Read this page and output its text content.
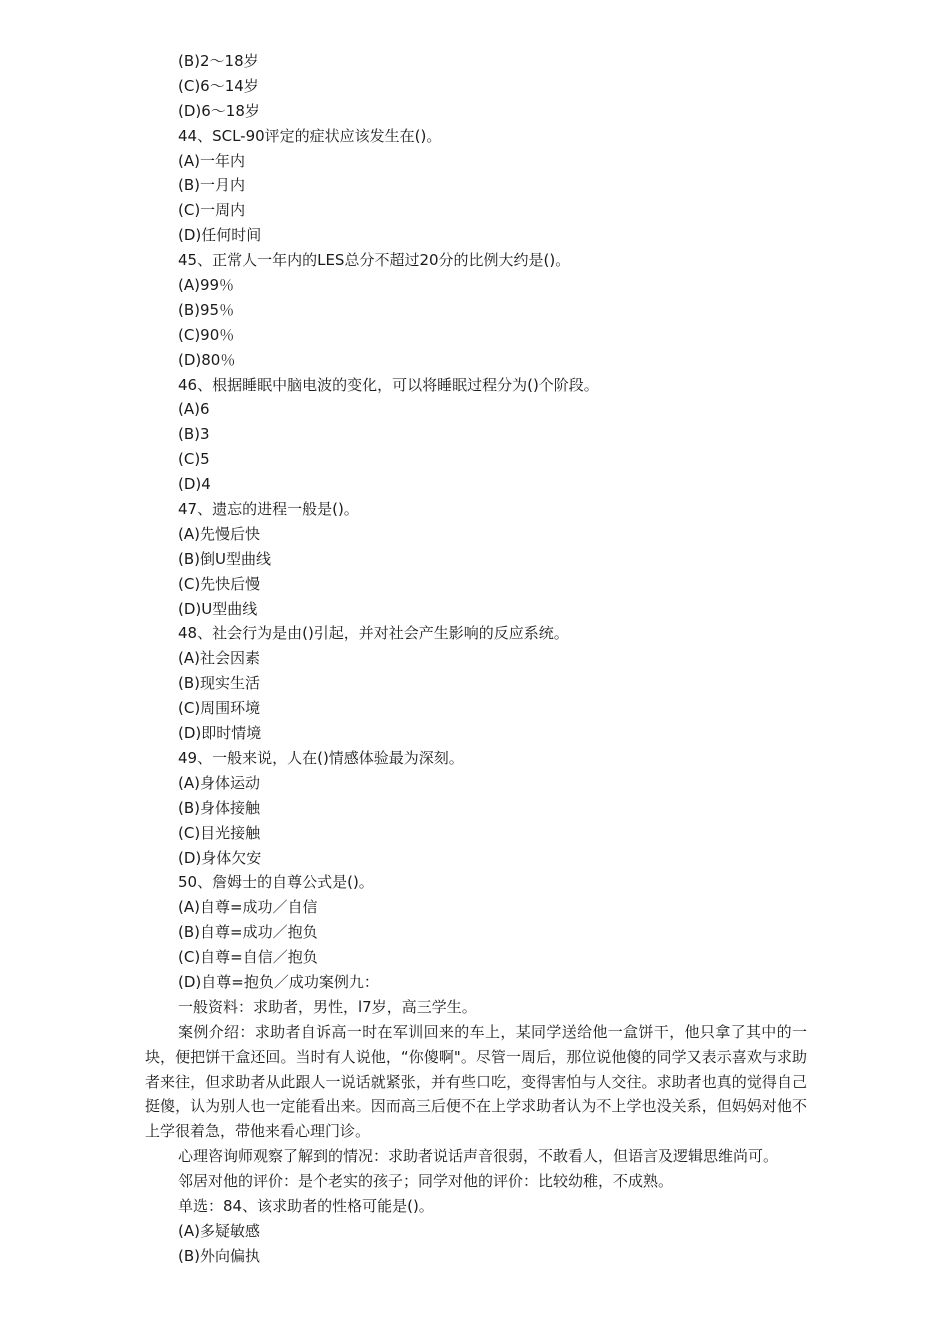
(B)2～18岁
(C)6～14岁
(D)6～18岁
44、SCL-90评定的症状应该发生在()。
(A)一年内
(B)一月内
(C)一周内
(D)任何时间
45、正常人一年内的LES总分不超过20分的比例大约是()。
(A)99％
(B)95％
(C)90％
(D)80％
46、根据睡眠中脑电波的变化，可以将睡眠过程分为()个阶段。
(A)6
(B)3
(C)5
(D)4
47、遗忘的进程一般是()。
(A)先慢后快
(B)倒U型曲线
(C)先快后慢
(D)U型曲线
48、社会行为是由()引起，并对社会产生影响的反应系统。
(A)社会因素
(B)现实生活
(C)周围环境
(D)即时情境
49、一般来说，人在()情感体验最为深刻。
(A)身体运动
(B)身体接触
(C)目光接触
(D)身体欠安
50、詹姆士的自尊公式是()。
(A)自尊=成功／自信
(B)自尊=成功／抱负
(C)自尊=自信／抱负
(D)自尊=抱负／成功案例九：
一般资料：求助者，男性，l7岁，高三学生。
案例介绍：求助者自诉高一时在军训回来的车上，某同学送给他一盒饼干，他只拿了其中的一块，便把饼干盒还回。当时有人说他，“你傻啊"。尽管一周后，那位说他傻的同学又表示喜欢与求助者来往，但求助者从此跟人一说话就紧张，并有些口吃，变得害怕与人交往。求助者也真的觉得自己挺傻，认为别人也一定能看出来。因而高三后便不在上学求助者认为不上学也没关系，但妈妈对他不上学很着急，带他来看心理门诊。
心理咨询师观察了解到的情况：求助者说话声音很弱，不敢看人，但语言及逻辑思维尚可。
邻居对他的评价：是个老实的孩子；同学对他的评价：比较幼稚，不成熟。
单选：84、该求助者的性格可能是()。
(A)多疑敏感
(B)外向偏执
